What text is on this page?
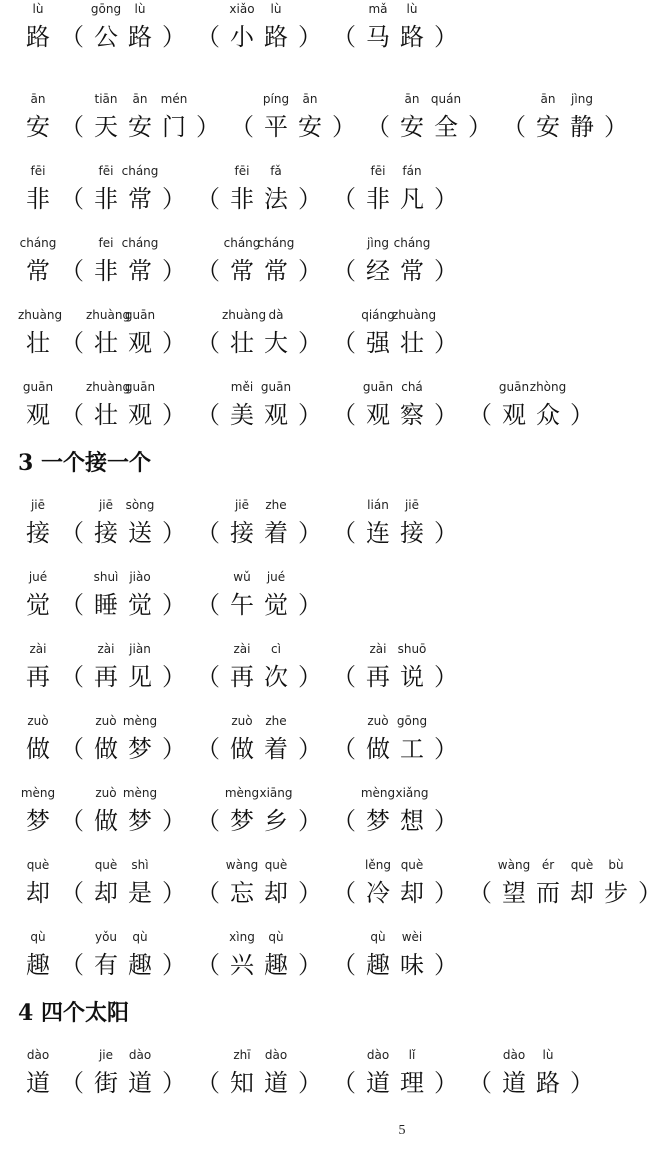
3 一个接一个
4 四个太阳
5
lù
路 （
gōng
公
lù
路 ） （
xiǎo
小
lù
路 ） （
mǎ
马
lù
路 ）
ān
安 （
tiān
天
ān
安
mén
门 ） （
píng
平
ān
安 ） （
ān
安
quán
全 ） （
ān
安
jìng
静 ）
fēi
非 （
fēi
非
cháng
常 ） （
fēi
非
fǎ
法 ） （
fēi
非
fán
凡 ）
cháng
常 （
fei
非
cháng
常 ） （
cháng
常
cháng
常 ） （
jìng
经
cháng
常 ）
zhuàng
壮 （
zhuàng
壮
guān
观 ） （
zhuàng
壮
dà
大 ） （
qiáng
强
zhuàng
壮 ）
guān
观 （
zhuàng
壮
guān
观 ） （
měi
美
guān
观 ） （
guān
观
chá
察 ） （
guān
观
zhòng
众 ）
jiē
接 （
jiē
接
sòng
送 ） （
jiē
接
zhe
着 ） （
lián
连
jiē
接 ）
jué
觉 （
shuì
睡
jiào
觉 ） （
wǔ
午
jué
觉 ）
zài
再 （
zài
再
jiàn
见 ） （
zài
再
cì
次 ） （
zài
再
shuō
说 ）
zuò
做 （
zuò
做
mèng
梦 ） （
zuò
做
zhe
着 ） （
zuò
做
gōng
工 ）
mèng
梦 （
zuò
做
mèng
梦 ） （
mèng
梦
xiāng
乡 ） （
mèng
梦
xiǎng
想 ）
què
却 （
què
却
shì
是 ） （
wàng
忘
què
却 ） （
lěng
冷
què
却 ） （
wàng
望
ér
而
què
却
bù
步 ）
qù
趣 （
yǒu
有
qù
趣 ） （
xìng
兴
qù
趣 ） （
qù
趣
wèi
味 ）
dào
道 （
jie
街
dào
道 ） （
zhī
知
dào
道 ） （
dào
道
lǐ
理 ） （
dào
道
lù
路 ）
